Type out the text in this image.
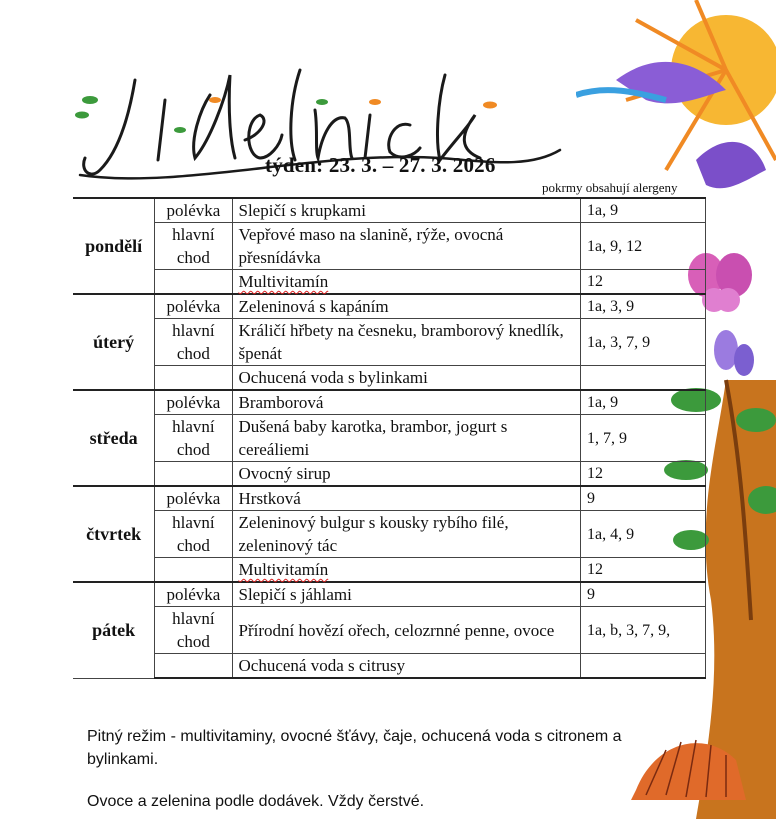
týden: 23. 3. – 27. 3. 2026
pokrmy obsahují alergeny
pondělí	polévka	Slepičí s krupkami	1a, 9
	hlavní chod	Vepřové maso na slanině, rýže, ovocná přesnídávka	1a, 9, 12
		Multivitamín	12
úterý	polévka	Zeleninová s kapáním	1a, 3, 9
	hlavní chod	Králičí hřbety na česneku, bramborový knedlík, špenát	1a, 3, 7, 9
		Ochucená voda s bylinkami	
středa	polévka	Bramborová	1a, 9
	hlavní chod	Dušená baby karotka, brambor, jogurt s cereáliemi	1, 7, 9
		Ovocný sirup	12
čtvrtek	polévka	Hrstková	9
	hlavní chod	Zeleninový bulgur s kousky rybího filé, zeleninový tác	1a, 4, 9
		Multivitamín	12
pátek	polévka	Slepičí s jáhlami	9
	hlavní chod	Přírodní hovězí ořech, celozrnné penne, ovoce	1a, b, 3, 7, 9,
		Ochucená voda s citrusy	
Pitný režim - multivitaminy, ovocné šťávy, čaje, ochucená voda s citronem a bylinkami.
Ovoce a zelenina podle dodávek. Vždy čerstvé.
